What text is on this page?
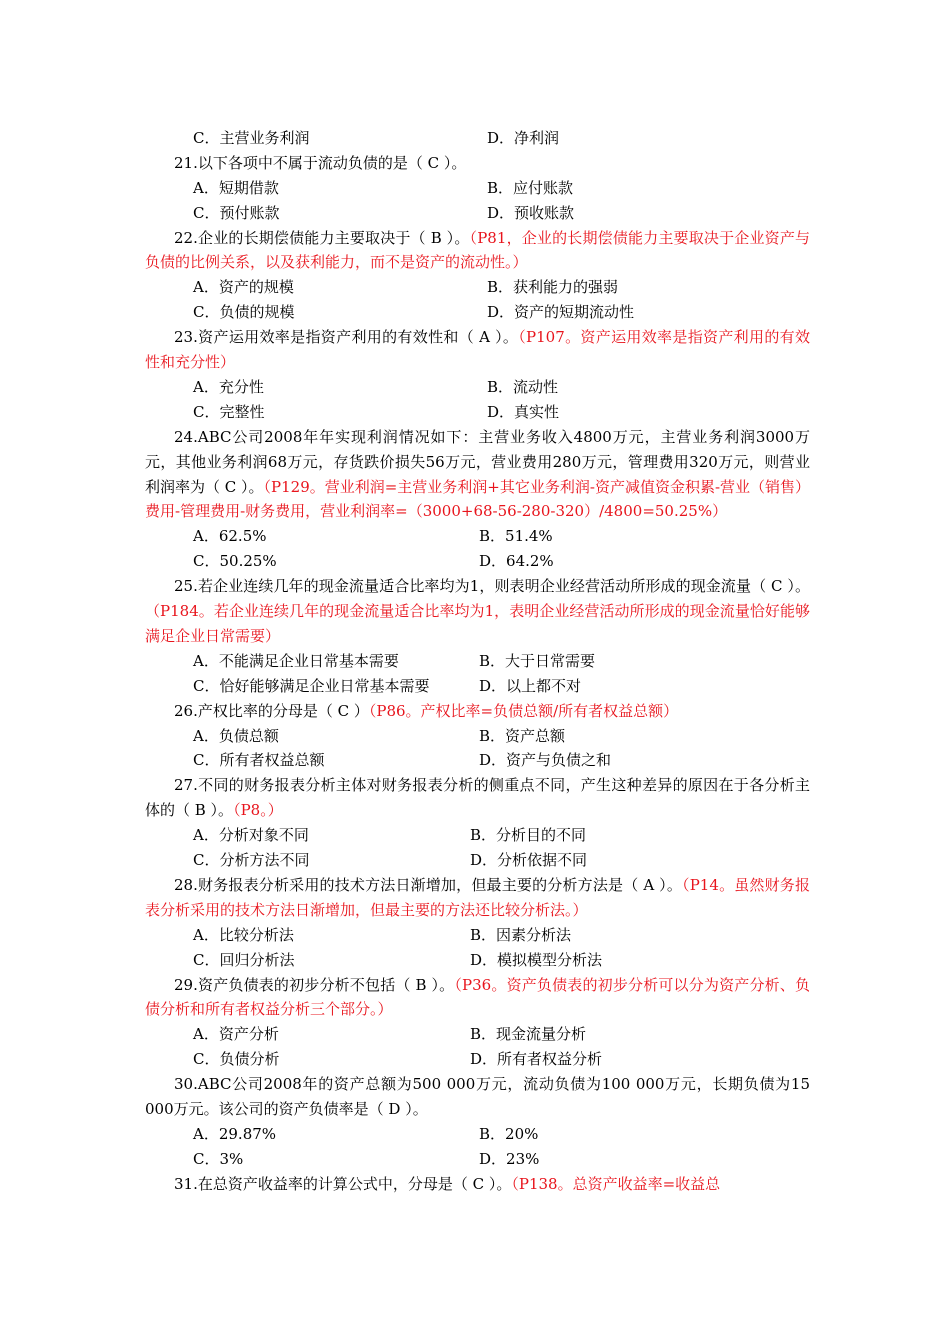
C．主营业务利润	D．净利润

21.以下各项中不属于流动负债的是（ C ）。

A．短期借款	B．应付账款
C．预付账款	D．预收账款

22.企业的长期偿债能力主要取决于（ B ）。（P81，企业的长期偿债能力主要取决于企业资产与负债的比例关系，以及获利能力，而不是资产的流动性。）

A．资产的规模	B．获利能力的强弱
C．负债的规模	D．资产的短期流动性

23.资产运用效率是指资产利用的有效性和（ A ）。（P107。资产运用效率是指资产利用的有效性和充分性）

A．充分性	B．流动性
C．完整性	D．真实性

24.ABC公司2008年年实现利润情况如下：主营业务收入4800万元，主营业务利润3000万元，其他业务利润68万元，存货跌价损失56万元，营业费用280万元，管理费用320万元，则营业利润率为（ C ）。（P129。营业利润=主营业务利润+其它业务利润-资产减值资金积累-营业（销售）费用-管理费用-财务费用，营业利润率=（3000+68-56-280-320）/4800=50.25%）

A．62.5%	B．51.4%
C．50.25%	D．64.2%

25.若企业连续几年的现金流量适合比率均为1，则表明企业经营活动所形成的现金流量（ C ）。（P184。若企业连续几年的现金流量适合比率均为1，表明企业经营活动所形成的现金流量恰好能够满足企业日常需要）

A．不能满足企业日常基本需要	B．大于日常需要
C．恰好能够满足企业日常基本需要	D．以上都不对

26.产权比率的分母是（ C ）（P86。产权比率=负债总额/所有者权益总额）

A．负债总额	B．资产总额
C．所有者权益总额	D．资产与负债之和

27.不同的财务报表分析主体对财务报表分析的侧重点不同，产生这种差异的原因在于各分析主体的（ B ）。（P8。）

A．分析对象不同	B．分析目的不同
C．分析方法不同	D．分析依据不同

28.财务报表分析采用的技术方法日渐增加，但最主要的分析方法是（ A ）。（P14。虽然财务报表分析采用的技术方法日渐增加，但最主要的方法还比较分析法。）

A．比较分析法	B．因素分析法
C．回归分析法	D．模拟模型分析法

29.资产负债表的初步分析不包括（ B ）。（P36。资产负债表的初步分析可以分为资产分析、负债分析和所有者权益分析三个部分。）

A．资产分析	B．现金流量分析
C．负债分析	D．所有者权益分析

30.ABC公司2008年的资产总额为500 000万元，流动负债为100 000万元，长期负债为15 000万元。该公司的资产负债率是（ D ）。

A．29.87%	B．20%
C．3%	D．23%

31.在总资产收益率的计算公式中，分母是（ C ）。（P138。总资产收益率=收益总
